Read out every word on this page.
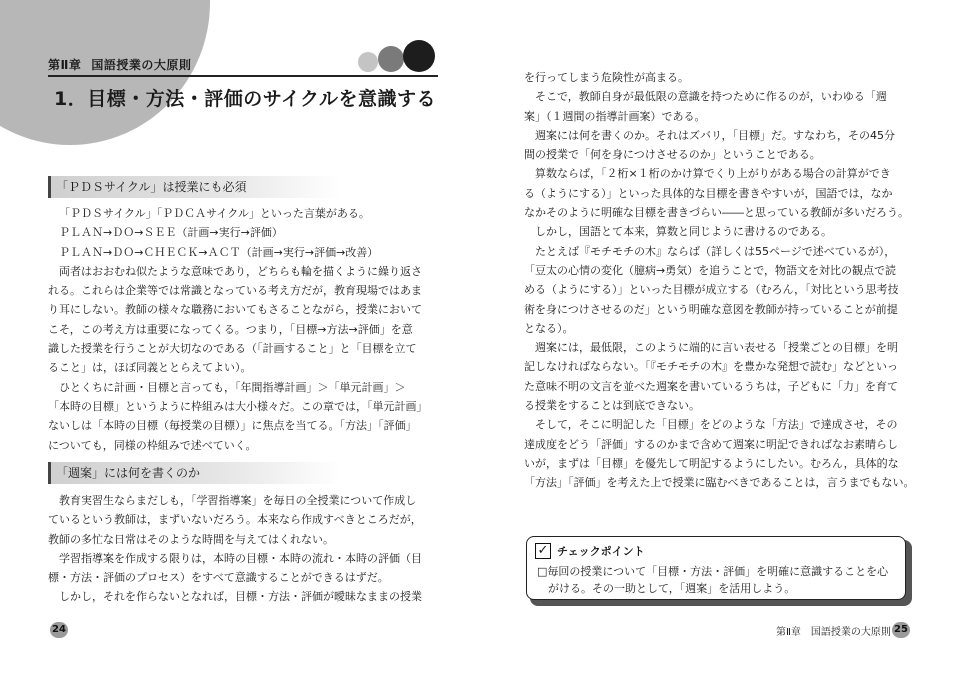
第Ⅱ章 国語授業の大原則
1．目標・方法・評価のサイクルを意識する
「ＰＤＳサイクル」は授業にも必須

「ＰＤＳサイクル」「ＰＤＣＡサイクル」といった言葉がある。

ＰＬＡＮ→ＤＯ→ＳＥＥ（計画→実行→評価）

ＰＬＡＮ→ＤＯ→ＣＨＥＣＫ→ＡＣＴ（計画→実行→評価→改善）

両者はおおむね似たような意味であり，どちらも輪を描くように繰り返さ

れる。これらは企業等では常識となっている考え方だが，教育現場ではあま

り耳にしない。教師の様々な職務においてもさることながら，授業において

こそ，この考え方は重要になってくる。つまり，「目標→方法→評価」を意

識した授業を行うことが大切なのである（「計画すること」と「目標を立て

ること」は，ほぼ同義ととらえてよい）。

ひとくちに計画・目標と言っても，「年間指導計画」＞「単元計画」＞

「本時の目標」というように枠組みは大小様々だ。この章では，「単元計画」

ないしは「本時の目標（毎授業の目標）」に焦点を当てる。「方法」「評価」

についても，同様の枠組みで述べていく。

「週案」には何を書くのか

教育実習生ならまだしも，「学習指導案」を毎日の全授業について作成し

ているという教師は，まずいないだろう。本来なら作成すべきところだが，

教師の多忙な日常はそのような時間を与えてはくれない。

学習指導案を作成する限りは，本時の目標・本時の流れ・本時の評価（目

標・方法・評価のプロセス）をすべて意識することができるはずだ。

しかし，それを作らないとなれば，目標・方法・評価が曖昧なままの授業

を行ってしまう危険性が高まる。

そこで，教師自身が最低限の意識を持つために作るのが，いわゆる「週

案」（１週間の指導計画案）である。

週案には何を書くのか。それはズバリ，「目標」だ。すなわち，その45分

間の授業で「何を身につけさせるのか」ということである。

算数ならば，「２桁×１桁のかけ算でくり上がりがある場合の計算ができ

る（ようにする）」といった具体的な目標を書きやすいが，国語では，なか

なかそのように明確な目標を書きづらい――と思っている教師が多いだろう。

しかし，国語とて本来，算数と同じように書けるのである。

たとえば『モチモチの木』ならば（詳しくは55ページで述べているが），

「豆太の心情の変化（臆病→勇気）を追うことで，物語文を対比の観点で読

める（ようにする）」といった目標が成立する（むろん，「対比という思考技

術を身につけさせるのだ」という明確な意図を教師が持っていることが前提

となる）。

週案には，最低限，このように端的に言い表せる「授業ごとの目標」を明

記しなければならない。「『モチモチの木』を豊かな発想で読む」などといっ

た意味不明の文言を並べた週案を書いているうちは，子どもに「力」を育て

る授業をすることは到底できない。

そして，そこに明記した「目標」をどのような「方法」で達成させ，その

達成度をどう「評価」するのかまで含めて週案に明記できればなお素晴らし

いが，まずは「目標」を優先して明記するようにしたい。むろん，具体的な

「方法」「評価」を考えた上で授業に臨むべきであることは，言うまでもない。

✓ チェックポイント

□毎回の授業について「目標・方法・評価」を明確に意識することを心

がける。その一助として，「週案」を活用しよう。

24	第Ⅱ章 国語授業の大原則 25
